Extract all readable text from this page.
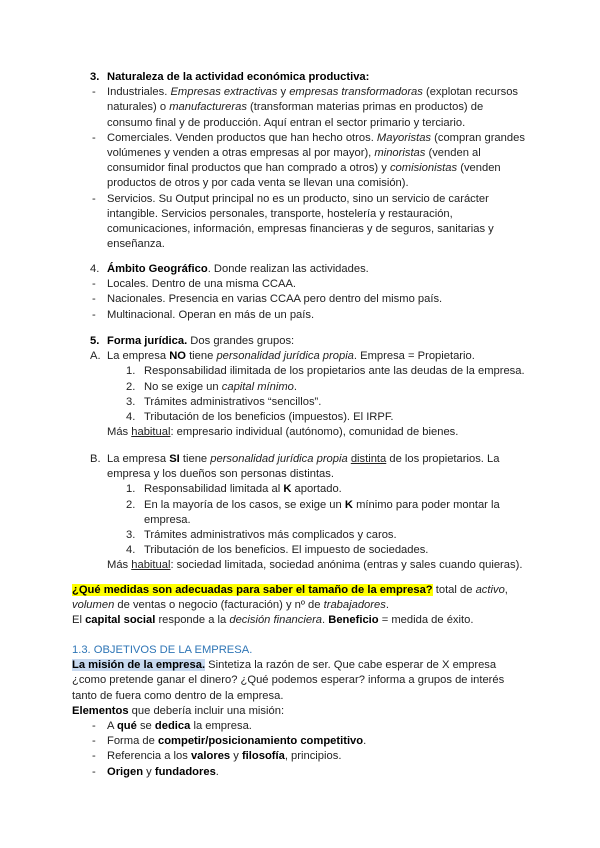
3. Naturaleza de la actividad económica productiva:
- Industriales. Empresas extractivas y empresas transformadoras (explotan recursos
naturales) o manufactureras (transforman materias primas en productos) de
consumo final y de producción. Aquí entran el sector primario y terciario.
- Comerciales. Venden productos que han hecho otros. Mayoristas (compran grandes
volúmenes y venden a otras empresas al por mayor), minoristas (venden al
consumidor final productos que han comprado a otros) y comisionistas (venden
productos de otros y por cada venta se llevan una comisión).
- Servicios. Su Output principal no es un producto, sino un servicio de carácter
intangible. Servicios personales, transporte, hostelería y restauración,
comunicaciones, información, empresas financieras y de seguros, sanitarias y
enseñanza.
4. Ámbito Geográfico. Donde realizan las actividades.
- Locales. Dentro de una misma CCAA.
- Nacionales. Presencia en varias CCAA pero dentro del mismo país.
- Multinacional. Operan en más de un país.
5. Forma jurídica. Dos grandes grupos:
A. La empresa NO tiene personalidad jurídica propia. Empresa = Propietario.
1. Responsabilidad ilimitada de los propietarios ante las deudas de la empresa.
2. No se exige un capital mínimo.
3. Trámites administrativos “sencillos”.
4. Tributación de los beneficios (impuestos). El IRPF.
Más habitual: empresario individual (autónomo), comunidad de bienes.
B. La empresa SI tiene personalidad jurídica propia distinta de los propietarios. La
empresa y los dueños son personas distintas.
1. Responsabilidad limitada al K aportado.
2. En la mayoría de los casos, se exige un K mínimo para poder montar la
empresa.
3. Trámites administrativos más complicados y caros.
4. Tributación de los beneficios. El impuesto de sociedades.
Más habitual: sociedad limitada, sociedad anónima (entras y sales cuando quieras).
¿Qué medidas son adecuadas para saber el tamaño de la empresa? total de activo,
volumen de ventas o negocio (facturación) y nº de trabajadores.
El capital social responde a la decisión financiera. Beneficio = medida de éxito.
1.3. OBJETIVOS DE LA EMPRESA.
La misión de la empresa. Sintetiza la razón de ser. Que cabe esperar de X empresa
¿como pretende ganar el dinero? ¿Qué podemos esperar? informa a grupos de interés
tanto de fuera como dentro de la empresa.
Elementos que debería incluir una misión:
- A qué se dedica la empresa.
- Forma de competir/posicionamiento competitivo.
- Referencia a los valores y filosofía, principios.
- Origen y fundadores.
